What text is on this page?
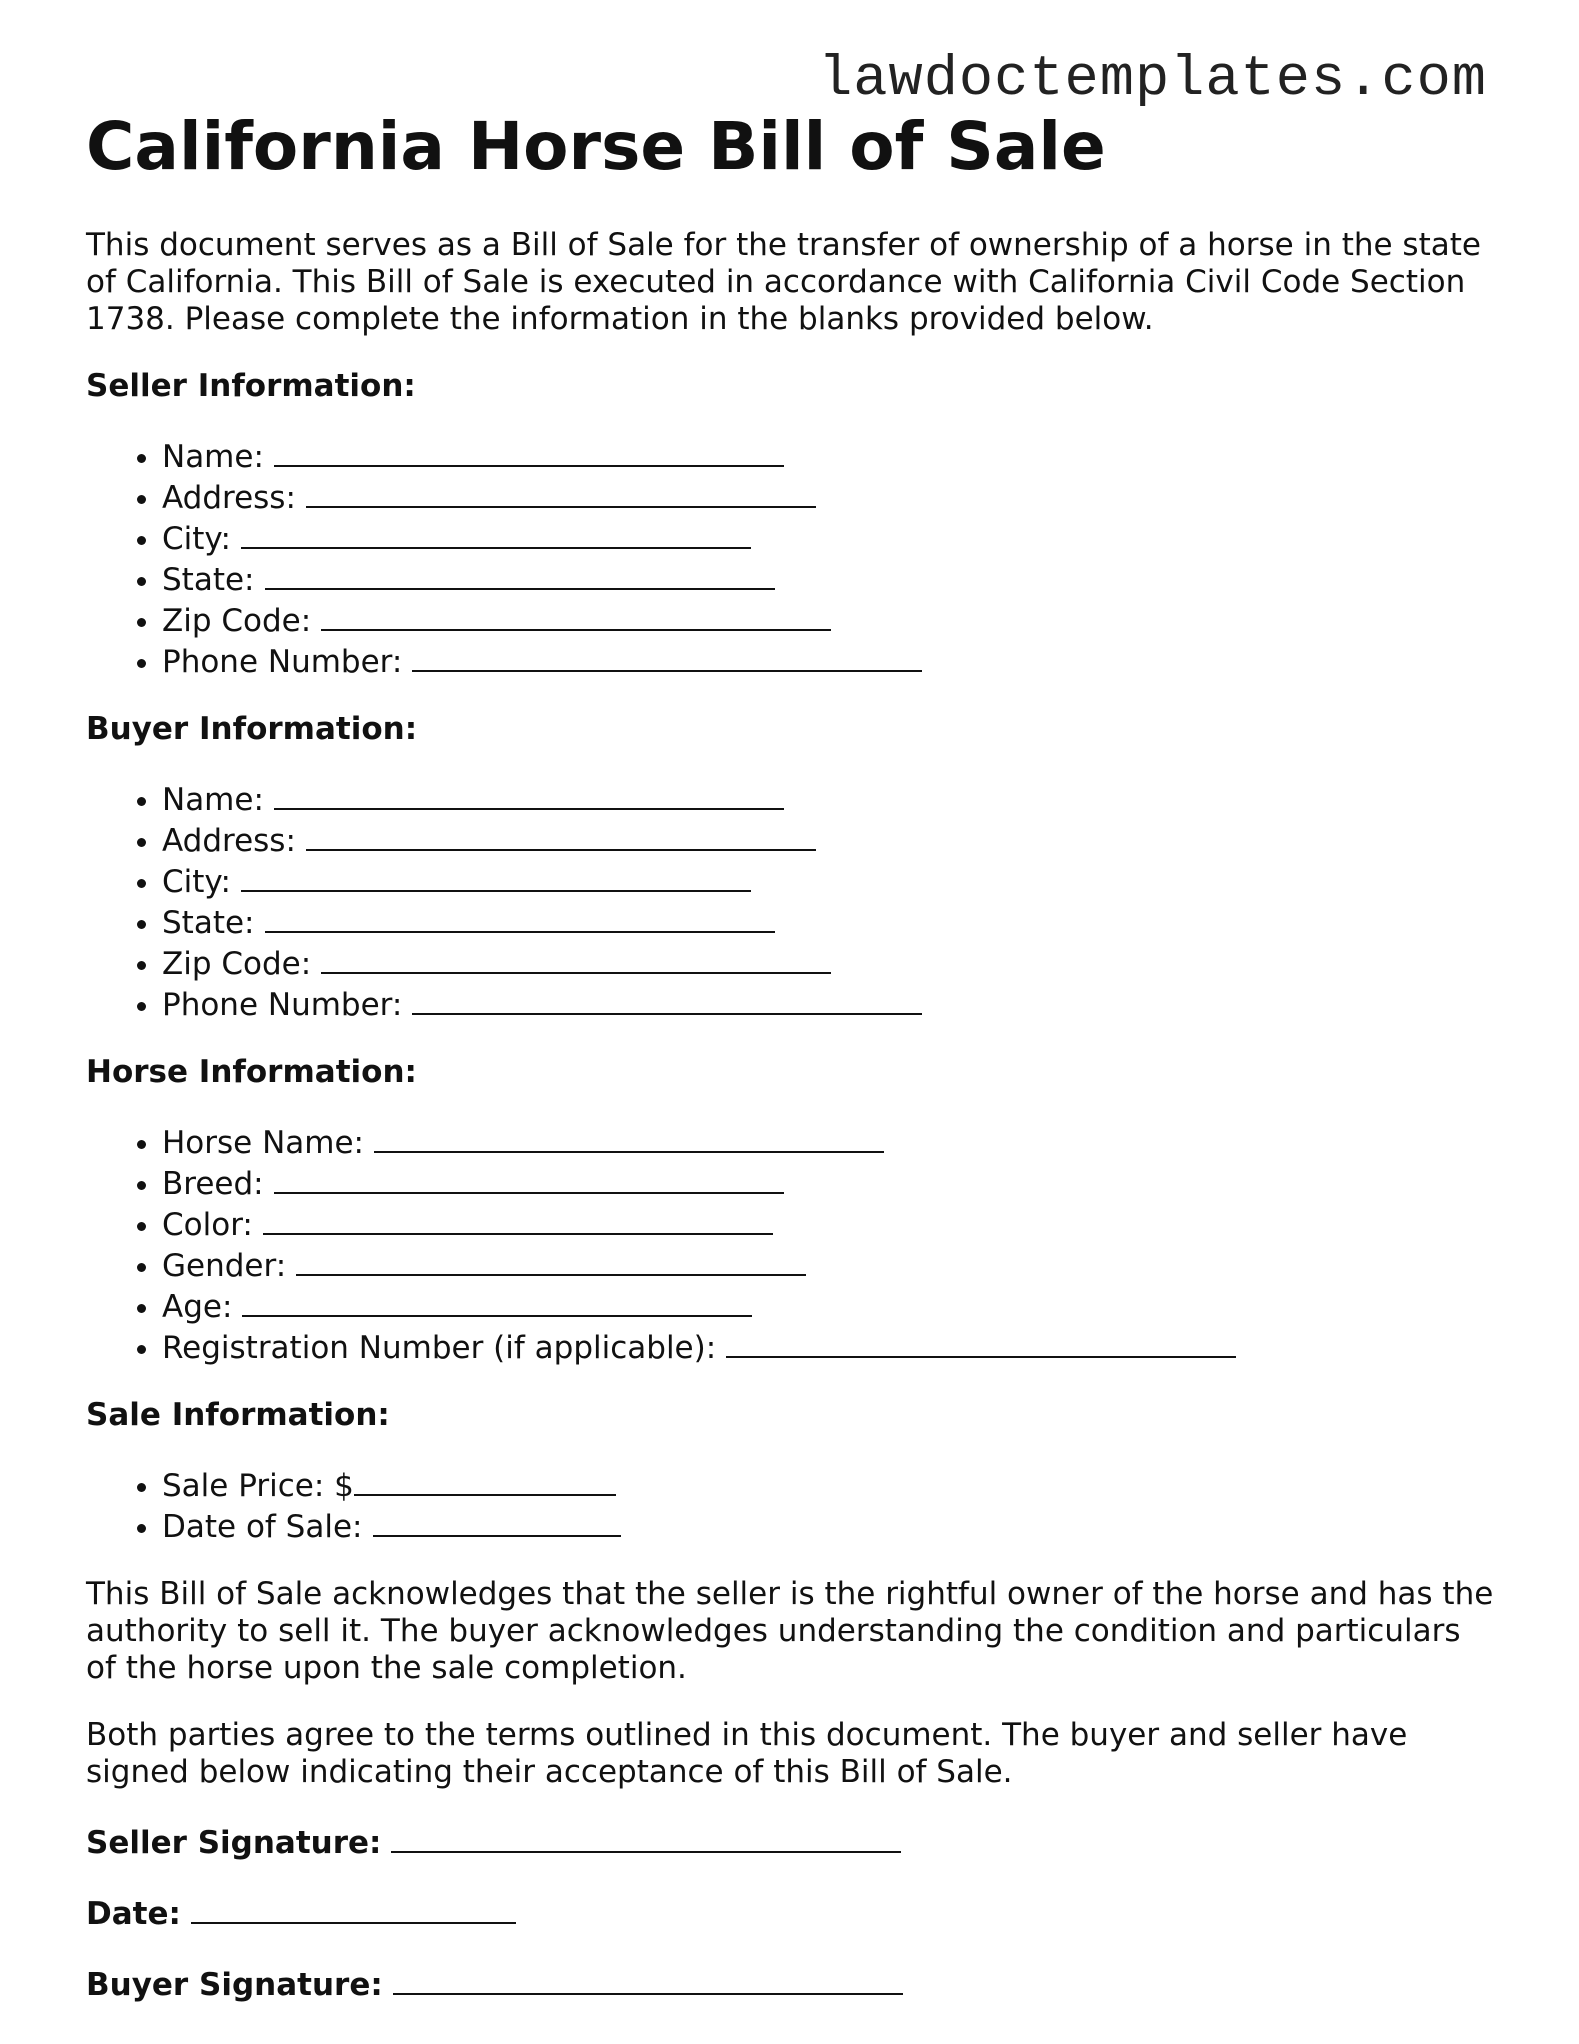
lawdoctemplates.com
California Horse Bill of Sale

This document serves as a Bill of Sale for the transfer of ownership of a horse in the state of California. This Bill of Sale is executed in accordance with California Civil Code Section 1738. Please complete the information in the blanks provided below.

Seller Information:
• Name:
• Address:
• City:
• State:
• Zip Code:
• Phone Number:
Buyer Information:
• Name:
• Address:
• City:
• State:
• Zip Code:
• Phone Number:
Horse Information:
• Horse Name:
• Breed:
• Color:
• Gender:
• Age:
• Registration Number (if applicable):
Sale Information:
• Sale Price: $
• Date of Sale:

This Bill of Sale acknowledges that the seller is the rightful owner of the horse and has the authority to sell it. The buyer acknowledges understanding the condition and particulars of the horse upon the sale completion.

Both parties agree to the terms outlined in this document. The buyer and seller have signed below indicating their acceptance of this Bill of Sale.

Seller Signature:
Date:
Buyer Signature:
